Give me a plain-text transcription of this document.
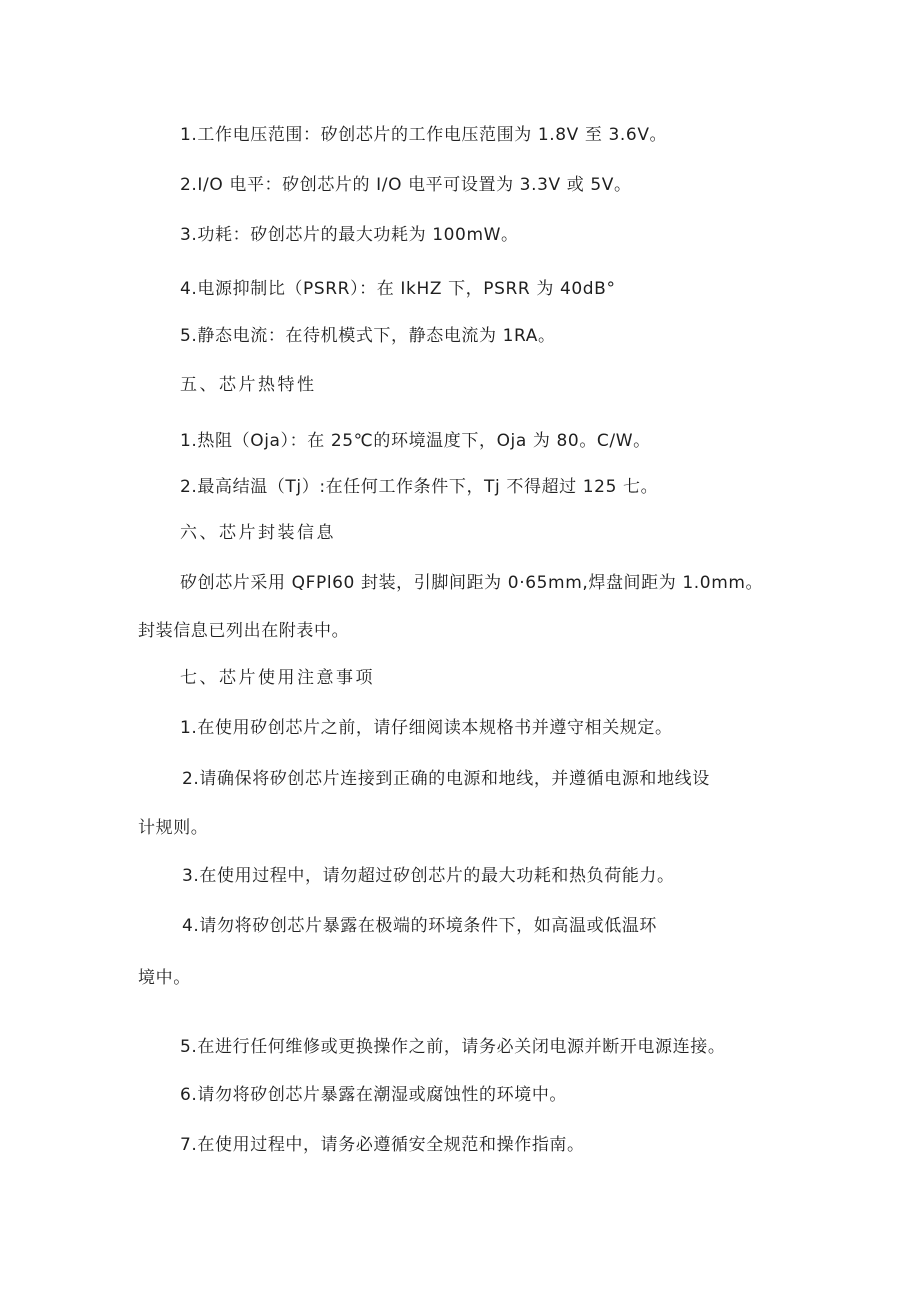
1.工作电压范围：矽创芯片的工作电压范围为 1.8V 至 3.6V。
2.I/O 电平：矽创芯片的 I/O 电平可设置为 3.3V 或 5V。
3.功耗：矽创芯片的最大功耗为 100mW。
4.电源抑制比（PSRR）：在 IkHZ 下，PSRR 为 40dB°
5.静态电流：在待机模式下，静态电流为 1RA。
五、芯片热特性
1.热阻（Oja）：在 25℃的环境温度下，Oja 为 80。C/W。
2.最高结温（Tj）:在任何工作条件下，Tj 不得超过 125 七。
六、芯片封装信息
矽创芯片采用 QFPl60 封装，引脚间距为 0·65mm,焊盘间距为 1.0mm。
封装信息已列出在附表中。
七、芯片使用注意事项
1.在使用矽创芯片之前，请仔细阅读本规格书并遵守相关规定。
2.请确保将矽创芯片连接到正确的电源和地线，并遵循电源和地线设
计规则。
3.在使用过程中，请勿超过矽创芯片的最大功耗和热负荷能力。
4.请勿将矽创芯片暴露在极端的环境条件下，如高温或低温环
境中。
5.在进行任何维修或更换操作之前，请务必关闭电源并断开电源连接。
6.请勿将矽创芯片暴露在潮湿或腐蚀性的环境中。
7.在使用过程中，请务必遵循安全规范和操作指南。
